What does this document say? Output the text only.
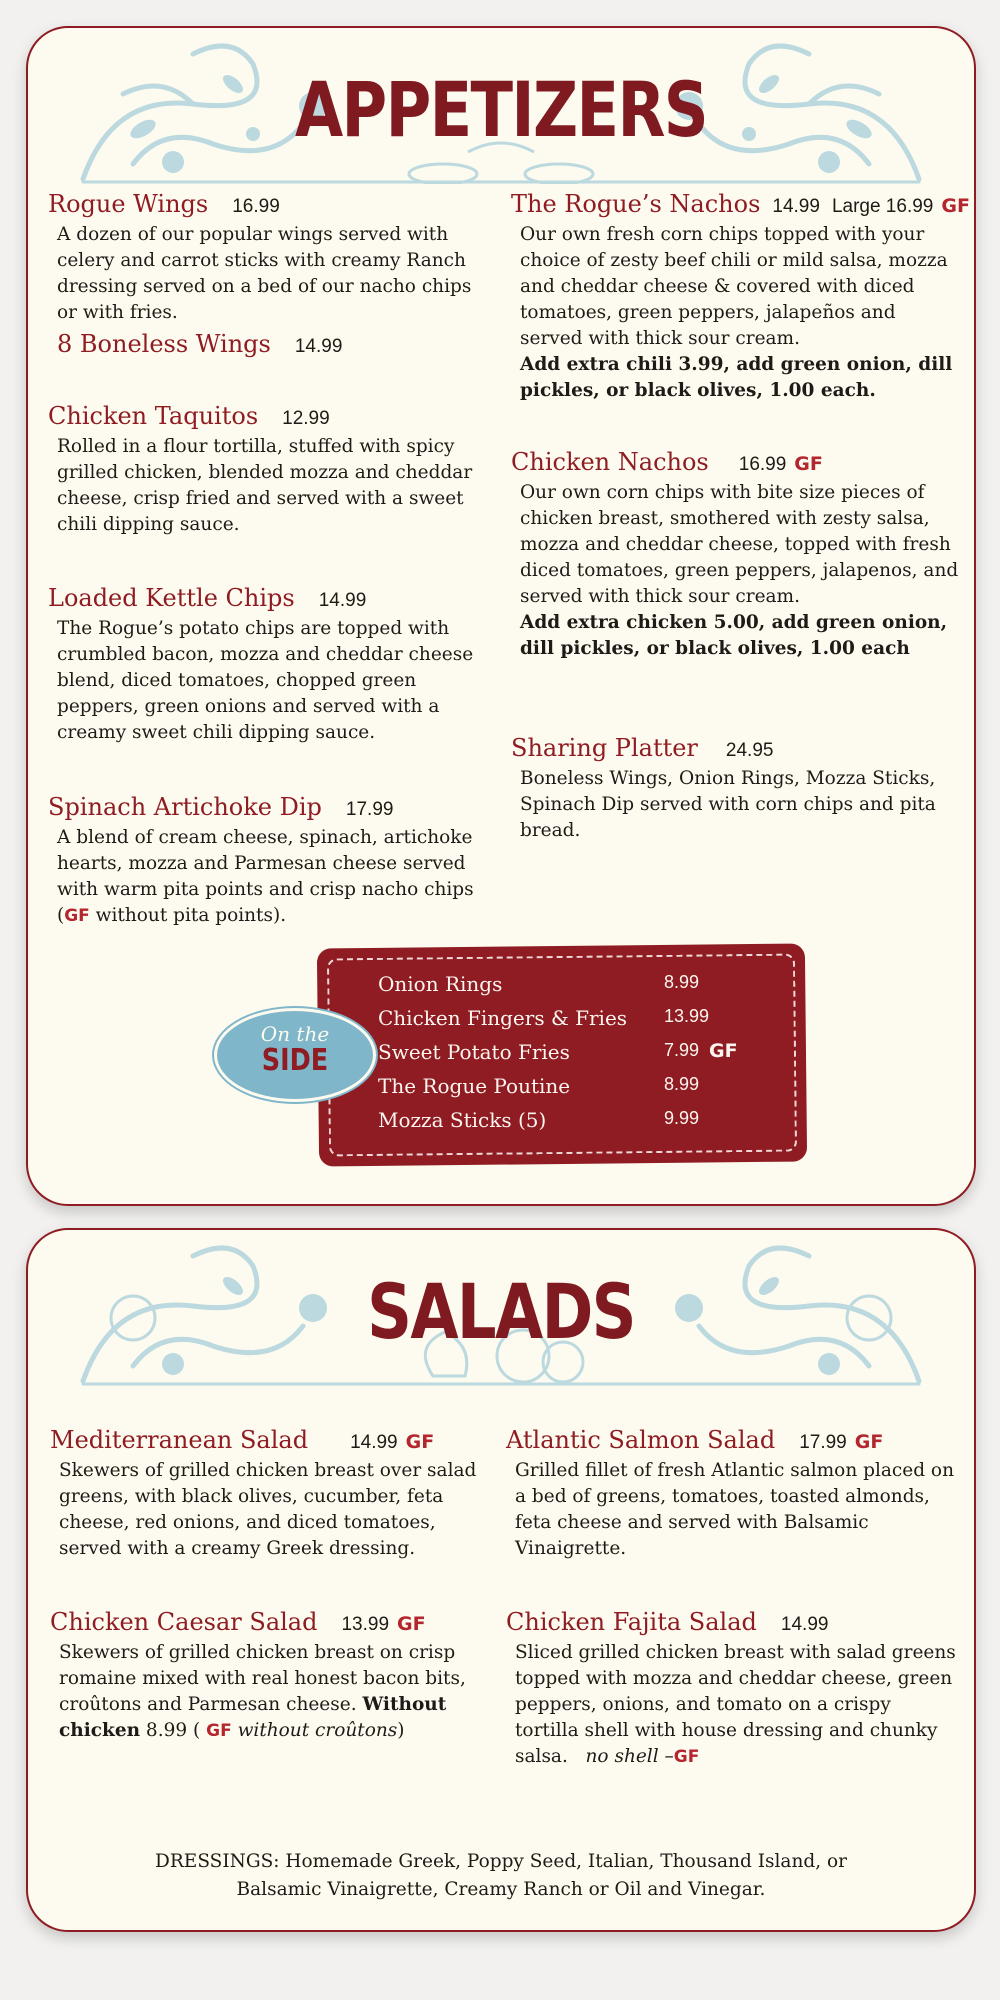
APPETIZERS
Rogue Wings 16.99
A dozen of our popular wings served with celery and carrot sticks with creamy Ranch dressing served on a bed of our nacho chips or with fries.
8 Boneless Wings 14.99
Chicken Taquitos 12.99
Rolled in a flour tortilla, stuffed with spicy grilled chicken, blended mozza and cheddar cheese, crisp fried and served with a sweet chili dipping sauce.
Loaded Kettle Chips 14.99
The Rogue’s potato chips are topped with crumbled bacon, mozza and cheddar cheese blend, diced tomatoes, chopped green peppers, green onions and served with a creamy sweet chili dipping sauce.
Spinach Artichoke Dip 17.99
A blend of cream cheese, spinach, artichoke hearts, mozza and Parmesan cheese served with warm pita points and crisp nacho chips (GF without pita points).
The Rogue’s Nachos 14.99 Large 16.99 GF
Our own fresh corn chips topped with your choice of zesty beef chili or mild salsa, mozza and cheddar cheese & covered with diced tomatoes, green peppers, jalapeños and served with thick sour cream.
Add extra chili 3.99, add green onion, dill pickles, or black olives, 1.00 each.
Chicken Nachos 16.99 GF
Our own corn chips with bite size pieces of chicken breast, smothered with zesty salsa, mozza and cheddar cheese, topped with fresh diced tomatoes, green peppers, jalapenos, and served with thick sour cream.
Add extra chicken 5.00, add green onion, dill pickles, or black olives, 1.00 each
Sharing Platter 24.95
Boneless Wings, Onion Rings, Mozza Sticks, Spinach Dip served with corn chips and pita bread.
Onion Rings	8.99
Chicken Fingers & Fries	13.99
Sweet Potato Fries	7.99 GF
The Rogue Poutine	8.99
Mozza Sticks (5)	9.99
On the
SIDE
SALADS
Mediterranean Salad 14.99 GF
Skewers of grilled chicken breast over salad greens, with black olives, cucumber, feta cheese, red onions, and diced tomatoes, served with a creamy Greek dressing.
Atlantic Salmon Salad 17.99 GF
Grilled fillet of fresh Atlantic salmon placed on a bed of greens, tomatoes, toasted almonds, feta cheese and served with Balsamic Vinaigrette.
Chicken Caesar Salad 13.99 GF
Skewers of grilled chicken breast on crisp romaine mixed with real honest bacon bits, croûtons and Parmesan cheese. Without chicken 8.99 ( GF without croûtons)
Chicken Fajita Salad 14.99
Sliced grilled chicken breast with salad greens topped with mozza and cheddar cheese, green peppers, onions, and tomato on a crispy tortilla shell with house dressing and chunky salsa. no shell –GF
DRESSINGS: Homemade Greek, Poppy Seed, Italian, Thousand Island, or
Balsamic Vinaigrette, Creamy Ranch or Oil and Vinegar.
